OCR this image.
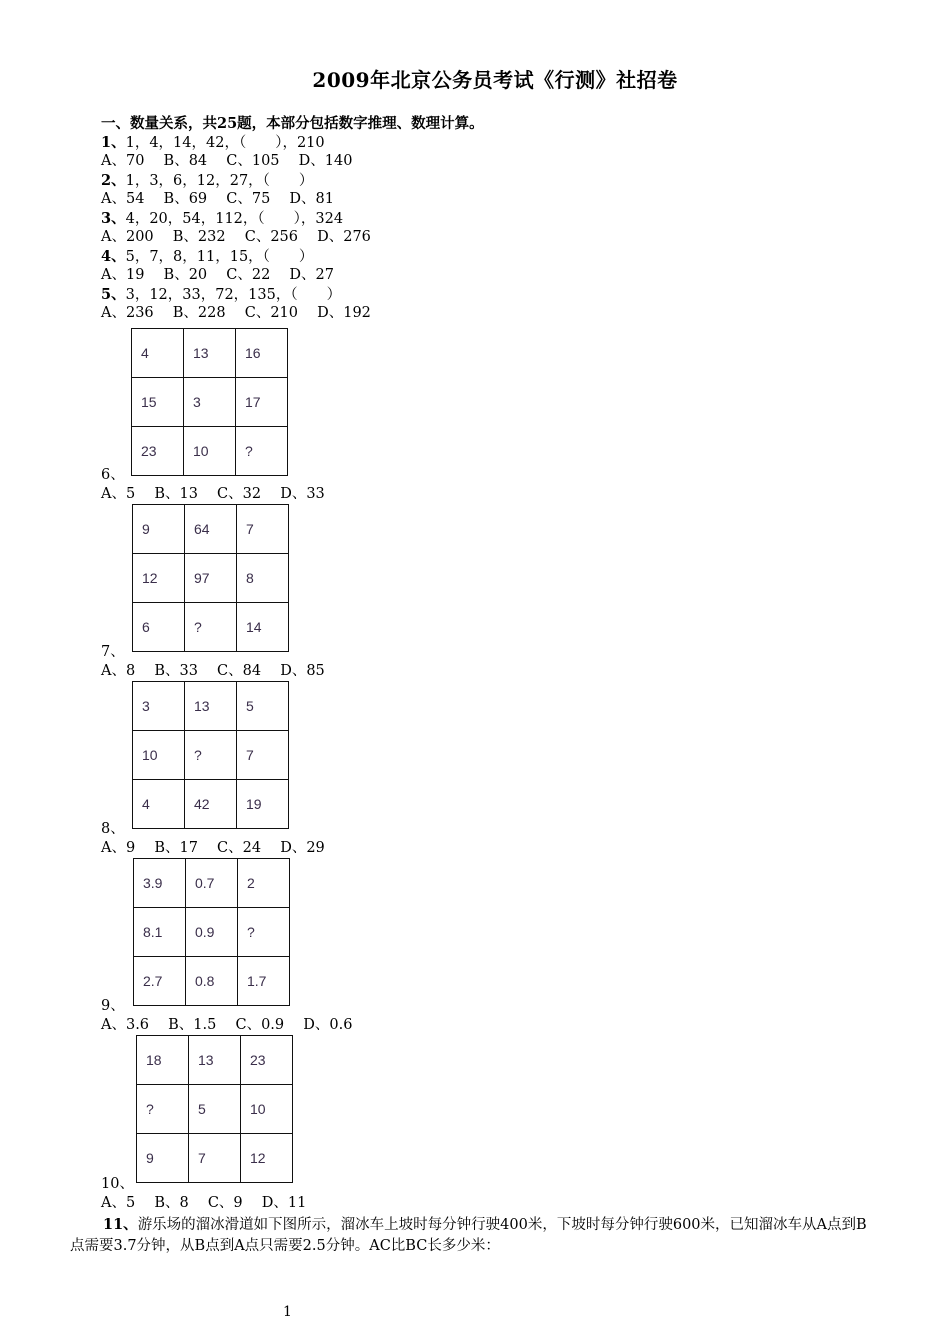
2009年北京公务员考试《行测》社招卷
一、数量关系，共25题，本部分包括数字推理、数理计算。
1、1，4，14，42，（　　），210
A、70　 B、84　 C、105　 D、140
2、1，3，6，12，27，（　　）
A、54　 B、69　 C、75　 D、81
3、4，20，54，112，（　　），324
A、200　 B、232　 C、256　 D、276
4、5，7，8，11，15，（　　）
A、19　 B、20　 C、22　 D、27
5、3，12，33，72，135，（　　）
A、236　 B、228　 C、210　 D、192
4	13	16
15	3	17
23	10	?
6、
A、5　 B、13　 C、32　 D、33
9	64	7
12	97	8
6	?	14
7、
A、8　 B、33　 C、84　 D、85
3	13	5
10	?	7
4	42	19
8、
A、9　 B、17　 C、24　 D、29
3.9	0.7	2
8.1	0.9	?
2.7	0.8	1.7
9、
A、3.6　 B、1.5　 C、0.9　 D、0.6
18	13	23
?	5	10
9	7	12
10、
A、5　 B、8　 C、9　 D、11
11、游乐场的溜冰滑道如下图所示，溜冰车上坡时每分钟行驶400米，下坡时每分钟行驶600米，已知溜冰车从A点到B点需要3.7分钟，从B点到A点只需要2.5分钟。AC比BC长多少米：
1
